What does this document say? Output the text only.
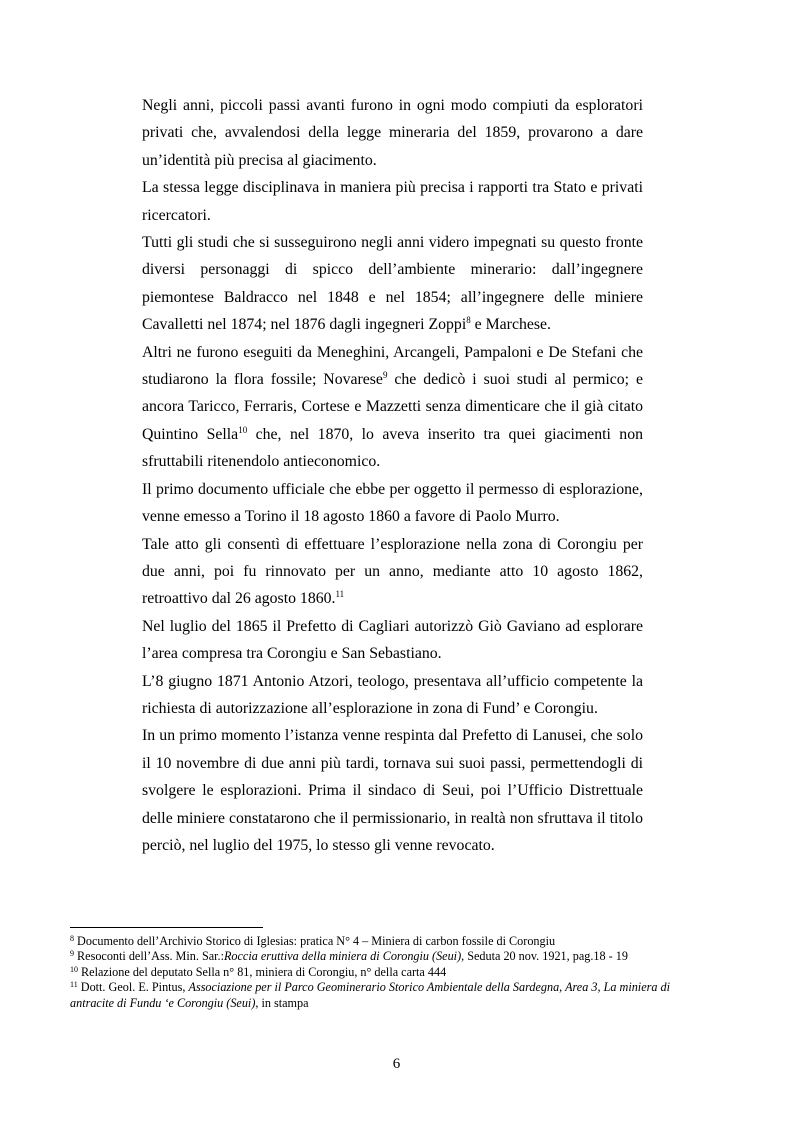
Negli anni, piccoli passi avanti furono in ogni modo compiuti da esploratori privati che, avvalendosi della legge mineraria del 1859, provarono a dare un’identità più precisa al giacimento.

La stessa legge disciplinava in maniera più precisa i rapporti tra Stato e privati ricercatori.

Tutti gli studi che si susseguirono negli anni videro impegnati su questo fronte diversi personaggi di spicco dell’ambiente minerario: dall’ingegnere piemontese Baldracco nel 1848 e nel 1854; all’ingegnere delle miniere Cavalletti nel 1874; nel 1876 dagli ingegneri Zoppi$^8$ e Marchese.

Altri ne furono eseguiti da Meneghini, Arcangeli, Pampaloni e De Stefani che studiarono la flora fossile; Novarese$^9$ che dedicò i suoi studi al permico; e ancora Taricco, Ferraris, Cortese e Mazzetti senza dimenticare che il già citato Quintino Sella$^{10}$ che, nel 1870, lo aveva inserito tra quei giacimenti non sfruttabili ritenendolo antieconomico.

Il primo documento ufficiale che ebbe per oggetto il permesso di esplorazione, venne emesso a Torino il 18 agosto 1860 a favore di Paolo Murro.

Tale atto gli consentì di effettuare l’esplorazione nella zona di Corongiu per due anni, poi fu rinnovato per un anno, mediante atto 10 agosto 1862, retroattivo dal 26 agosto 1860.11

Nel luglio del 1865 il Prefetto di Cagliari autorizzò Giò Gaviano ad esplorare l’area compresa tra Corongiu e San Sebastiano.

L’8 giugno 1871 Antonio Atzori, teologo, presentava all’ufficio competente la richiesta di autorizzazione all’esplorazione in zona di Fund’ e Corongiu.

In un primo momento l’istanza venne respinta dal Prefetto di Lanusei, che solo il 10 novembre di due anni più tardi, tornava sui suoi passi, permettendogli di svolgere le esplorazioni. Prima il sindaco di Seui, poi l’Ufficio Distrettuale delle miniere constatarono che il permissionario, in realtà non sfruttava il titolo perciò, nel luglio del 1975, lo stesso gli venne revocato.

$^8$ Documento dell’Archivio Storico di Iglesias: pratica N° 4 – Miniera di carbon fossile di Corongiu

$^9$ Resoconti dell’Ass. Min. Sar.:Roccia eruttiva della miniera di Corongiu (Seui), Seduta 20 nov. 1921, pag.18 - 19

$^{10}$ Relazione del deputato Sella n° 81, miniera di Corongiu, n° della carta 444

$^{11}$ Dott. Geol. E. Pintus, Associazione per il Parco Geominerario Storico Ambientale della Sardegna, Area 3, La miniera di antracite di Fundu ‘e Corongiu (Seui), in stampa

6
